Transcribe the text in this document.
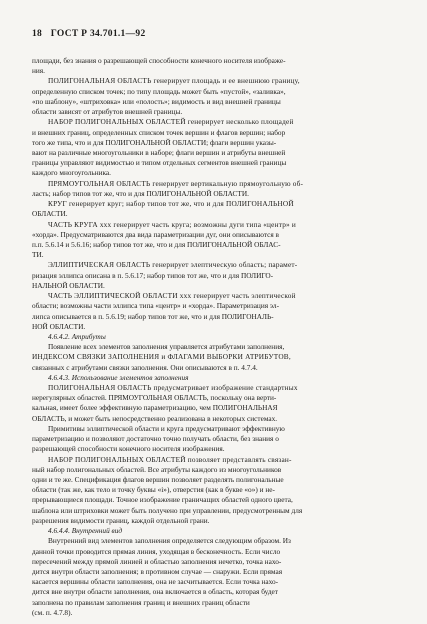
18 ГОСТ Р 34.701.1—92
площади, без знания о разрешающей способности конечного носителя изображе-
ния.
ПОЛИГОНАЛЬНАЯ ОБЛАСТЬ генерирует площадь и ее внешнюю границу,
определенную списком точек; по типу площадь может быть «пустой», «заливка»,
«по шаблону», «штриховка» или «полость»; видимость и вид внешней границы
области зависят от атрибутов внешней границы.
НАБОР ПОЛИГОНАЛЬНЫХ ОБЛАСТЕЙ генерирует несколько площадей
и внешних границ, определенных списком точек вершин и флагов вершин; набор
того же типа, что и для ПОЛИГОНАЛЬНОЙ ОБЛАСТИ; флаги вершин указы-
вают на различные многоугольники в наборе; флаги вершин и атрибуты внешней
границы управляют видимостью и типом отдельных сегментов внешней границы
каждого многоугольника.
ПРЯМОУГОЛЬНАЯ ОБЛАСТЬ генерирует вертикальную прямоугольную об-
ласть; набор типов тот же, что и для ПОЛИГОНАЛЬНОЙ ОБЛАСТИ.
КРУГ генерирует круг; набор типов тот же, что и для ПОЛИГОНАЛЬНОЙ
ОБЛАСТИ.
ЧАСТЬ КРУГА ххх генерирует часть круга; возможны дуги типа «центр» и
«хорда». Предусматриваются два вида параметризации дуг, они описываются в
п.п. 5.6.14 и 5.6.16; набор типов тот же, что и для ПОЛИГОНАЛЬНОЙ ОБЛАС-
ТИ.
ЭЛЛИПТИЧЕСКАЯ ОБЛАСТЬ генерирует элептическую область; парамет-
ризация эллипса описана в п. 5.6.17; набор типов тот же, что и для ПОЛИГО-
НАЛЬНОЙ ОБЛАСТИ.
ЧАСТЬ ЭЛЛИПТИЧЕСКОЙ ОБЛАСТИ ххх генерирует часть элептической
области; возможны части эллипса типа «центр» и «хорда». Параметризация эл-
липса описывается в п. 5.6.19; набор типов тот же, что и для ПОЛИГОНАЛЬ-
НОЙ ОБЛАСТИ.
4.6.4.2. Атрибуты
Появление всех элементов заполнения управляется атрибутами заполнения,
ИНДЕКСОМ СВЯЗКИ ЗАПОЛНЕНИЯ и ФЛАГАМИ ВЫБОРКИ АТРИБУТОВ,
связанных с атрибутами связки заполнения. Они описываются в п. 4.7.4.
4.6.4.3. Использование элементов заполнения
ПОЛИГОНАЛЬНАЯ ОБЛАСТЬ предусматривает изображение стандартных
нерегулярных областей. ПРЯМОУГОЛЬНАЯ ОБЛАСТЬ, поскольку она верти-
кальная, имеет более эффективную параметризацию, чем ПОЛИГОНАЛЬНАЯ
ОБЛАСТЬ, и может быть непосредственно реализована в некоторых системах.
Примитивы эллиптической области и круга предусматривают эффективную
параметризацию и позволяют достаточно точно получать области, без знания о
разрешающей способности конечного носителя изображения.
НАБОР ПОЛИГОНАЛЬНЫХ ОБЛАСТЕЙ позволяет представлять связан-
ный набор полигональных областей. Все атрибуты каждого из многоугольников
одни и те же. Спецификация флагов вершин позволяет разделять полигональные
области (так же, как тело и точку буквы «i»), отверстия (как в букве «о») и не-
прерывающиеся площади. Точное изображение граничащих областей одного цвета,
шаблона или штриховки может быть получено при управлении, предусмотренным для
разрешения видимости границ, каждой отдельной грани.
4.6.4.4. Внутренний вид
Внутренний вид элементов заполнения определяется следующим образом. Из
данной точки проводится прямая линия, уходящая в бесконечность. Если число
пересечений между прямой линией и областью заполнения нечетко, точка нахо-
дится внутри области заполнения; в противном случае — снаружи. Если прямая
касается вершины области заполнения, она не засчитывается. Если точка нахо-
дится вне внутри области заполнения, она включается в область, которая будет
заполнена по правилам заполнения границ и внешних границ области
(см. п. 4.7.8).
